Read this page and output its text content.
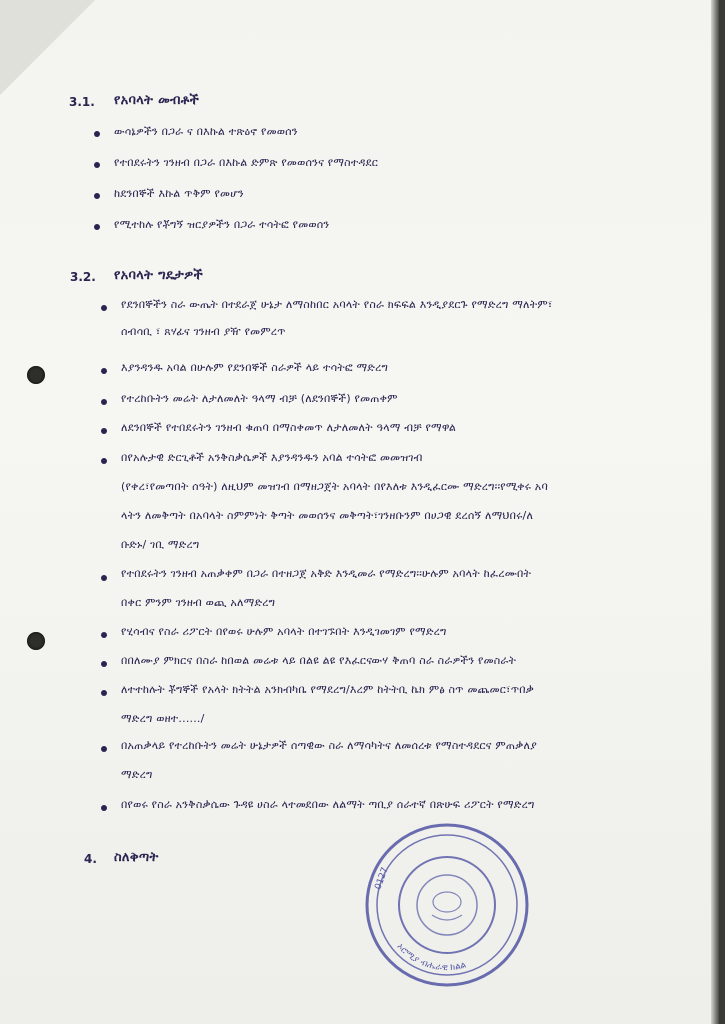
3.1. የአባላት መብቶች
ውሳኔዎችን በጋራ ና በእኩል ተጽዕኖ የመወሰን
የተበደሩትን ገንዘብ በጋራ በእኩል ድምጽ የመወሰንና የማስተዳደር
ከደንበኞች እኩል ጥቅም የመሆን
የሚተከሉ የቾግኝ ዝርያዎችን በጋራ ተሳትፎ የመወሰን
3.2. የአባላት ግዴታዎች
የደንበኞችን ስራ ውጤት በተደራጀ ሁኔታ ለማስከበር አባላት የስራ ክፍፍል እንዲያደርጉ የማድረግ ማለትም፣
ሰብሳቢ ፣ ጸሃፊና ገንዘብ ያዥ የመምረጥ
እያንዳንዱ አባል በሁሉም የደንበኞች ስራዎች ላይ ተሳትፎ ማድረግ
የተረከቡትን መሬት ለታለመለት ዓላማ ብቻ (ለደንበኞች) የመጠቀም
ለደንበኞች የተበደሩትን ገንዘብ ቁጠባ በማስቀመጥ ለታለመለት ዓላማ ብቻ የማዋል
በየአሉታዊ ድርጊቶች አንቅስቃሴዎች እያንዳንዱን አባል ተሳትፎ መመዝገብ
(የቀረ፣የመጣበት ሰዓት) ለዚህም መዝገብ በማዘጋጀት አባላት በየእለቱ እንዲፈርሙ ማድረግ፡፡የሚቀሩ አባ
ላትን ለመቅጣት በአባላት ስምምነት ቅጣት መወሰንና መቅጣት፣ገንዘቡንም በሀጋዊ ደረሰኝ ለማህበሩ/ለ
ቡድኑ/ ገቢ ማድረግ
የተበደሩትን ገንዘብ አጠቃቀም በጋራ በተዘጋጀ አቅድ እንዲመራ የማድረግ፡፡ሁሉም አባላት ከፈረሙበት
በቀር ምንም ገንዘብ ወጪ አለማድረግ
የሂሳብና የስራ ሪፖርት በየወሩ ሁሉም አባላት በተገኙበት እንዲገመገም የማድረግ
በበለሙያ ምክርና በስራ ከበወል መሬቱ ላይ በልዩ ልዩ የእፈርናውሃ ቅጠባ ስራ ስራዎችን የመስራት
ለተተከሉት ቾግኞች የአላት ክትትል አንክብካቤ የማደረግ/እረም ከትትቢ ኬክ ምፅ ስጥ መጨመር፣ጥበቃ
ማድረግ ወዘተ....../
በአጠቃላይ የተረከቡትን መሬት ሁኔታዎች ሰጣዊው ስራ ለማሳካትና ለመሰረቱ የማስተዳደርና ምጠቃለያ
ማድረግ
በየወሩ የስራ አንቅስቃሴው ጉዳዩ ሀስራ ላተመደበው ለልማት ጣቢያ ሰራተኛ በጽሁፍ ሪፖርት የማድረግ
4. ስለቅጣት
ኦሮሚያ ብሔራዊ ክልል
0127
